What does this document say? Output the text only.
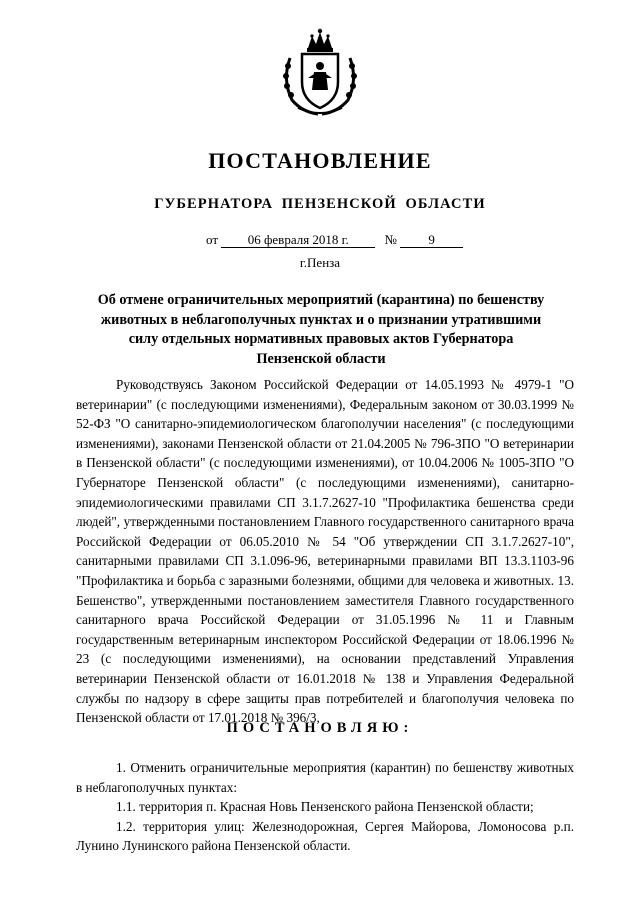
ПОСТАНОВЛЕНИЕ
ГУБЕРНАТОРА ПЕНЗЕНСКОЙ ОБЛАСТИ
от 06 февраля 2018 г.	№ 9
г.Пенза
Об отмене ограничительных мероприятий (карантина) по бешенству животных в неблагополучных пунктах и о признании утратившими силу отдельных нормативных правовых актов Губернатора Пензенской области

Руководствуясь Законом Российской Федерации от 14.05.1993 № 4979-1 "О ветеринарии" (с последующими изменениями), Федеральным законом от 30.03.1999 № 52-ФЗ "О санитарно-эпидемиологическом благополучии населения" (с последующими изменениями), законами Пензенской области от 21.04.2005 № 796-ЗПО "О ветеринарии в Пензенской области" (с последующими изменениями), от 10.04.2006 № 1005-ЗПО "О Губернаторе Пензенской области" (с последующими изменениями), санитарно-эпидемиологическими правилами СП 3.1.7.2627-10 "Профилактика бешенства среди людей", утвержденными постановлением Главного государственного санитарного врача Российской Федерации от 06.05.2010 № 54 "Об утверждении СП 3.1.7.2627-10", санитарными правилами СП 3.1.096-96, ветеринарными правилами ВП 13.3.1103-96 "Профилактика и борьба с заразными болезнями, общими для человека и животных. 13. Бешенство", утвержденными постановлением заместителя Главного государственного санитарного врача Российской Федерации от 31.05.1996 № 11 и Главным государственным ветеринарным инспектором Российской Федерации от 18.06.1996 № 23 (с последующими изменениями), на основании представлений Управления ветеринарии Пензенской области от 16.01.2018 № 138 и Управления Федеральной службы по надзору в сфере защиты прав потребителей и благополучия человека по Пензенской области от 17.01.2018 № 396/3,

ПОСТАНОВЛЯЮ:

1. Отменить ограничительные мероприятия (карантин) по бешенству животных в неблагополучных пунктах:

1.1. территория п. Красная Новь Пензенского района Пензенской области;

1.2. территория улиц: Железнодорожная, Сергея Майорова, Ломоносова р.п. Лунино Лунинского района Пензенской области.
